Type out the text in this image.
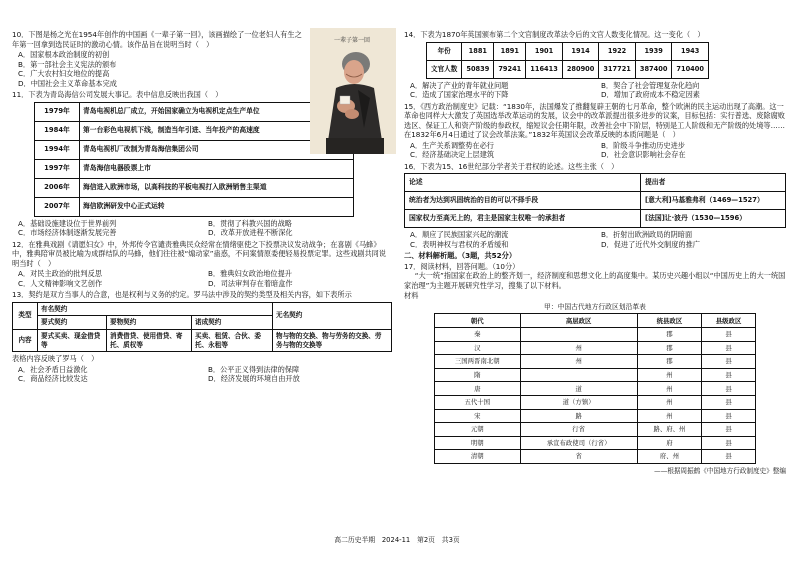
10．下图是杨之光在1954年创作的中国画《一辈子第一回》，该画描绘了一位老妇人有生之年第一回拿到选民证时的激动心情。该作品旨在说明当时（　）

A．国家根本政治制度的初创

B．第一部社会主义宪法的颁布

C．广大农村妇女地位的提高

D．中国社会主义革命基本完成

一辈子第一回

11．下表为青岛海信公司发展大事记。表中信息反映出我国（　）

1979年	青岛电视机总厂成立，开始国家确立为电视机定点生产单位
1984年	第一台彩色电视机下线，制造当年引进、当年投产的高速度
1994年	青岛电视机厂改制为青岛海信集团公司
1997年	青岛海信电器股票上市
2006年	海信进入欧洲市场，以高科技的平板电视打入欧洲销售主渠道
2007年	海信欧洲研发中心正式运转

A．基础设施建设位于世界前列	B．贯彻了科教兴国的战略

C．市场经济体制逐渐发展完善	D．改革开放进程不断深化

12．在雅典戏剧《请愿妇女》中，外邦传令官谴责雅典民众经常在情绪驱使之下投票决议发动战争；在喜剧《马蜂》中，雅典陪审员被比喻为成群结队的马蜂，他们往往被“煽动家”蛊惑，不问案情原委便轻易投票定罪。这些戏剧共同说明当时（　）

A．对民主政治的批判反思	B．雅典妇女政治地位提升

C．人文精神影响文艺创作	D．司法审判存在着暗盒作

13．契约是双方当事人的合意，也是权利与义务的约定。罗马法中涉及的契约类型及相关内容，如下表所示

类型	有名契约			无名契约
	要式契约	要物契约	诺成契约	
内容	要式买卖、现金借贷等	消费借贷、使用借贷、寄托、质权等	买卖、租赁、合伙、委托、永租等	物与物的交换、物与劳务的交换、劳务与物的交换等

表格内容反映了罗马（　）

A．社会矛盾日益激化	B．公平正义得到法律的保障

C．商品经济比较发达	D．经济发展的环境自由开放

14．下表为1870年英国颁布第二个文官制度改革法令后的文官人数变化情况。这一变化（　）

年份	1881	1891	1901	1914	1922	1939	1943
文官人数	50839	79241	116413	280900	317721	387400	710400

A．解决了产业的青年就业问题	B．契合了社会管理复杂化趋向

C．造成了国家治理水平的下降	D．增加了政府成本不稳定因素

15．《西方政治制度史》记载：“1830年，法国爆发了推翻复辟王朝的七月革命，整个欧洲的民主运动出现了高潮。这一革命也同样大大激发了英国选举改革运动的发展，议会中的改革派提出很多进步的议案，目标包括：实行普选、废除腐败选区、保证工人和资产阶级的参政权，缩短议会任期年限，改善社会中下阶层，特别是工人阶级和无产阶级的处境等……在1832年6月4日通过了议会改革法案。”1832年英国议会改革反映的本质问题是（　）

A．生产关系调整势在必行	B．阶级斗争推动历史进步

C．经济基础决定上层建筑	D．社会意识影响社会存在

16．下表为15、16世纪部分学者关于君权的论述。这些主张（　）

论述	提出者
统治者为达到巩固统治的目的可以不择手段	[意大利]马基雅弗利（1469—1527）
国家权力至高无上的，君主是国家主权唯一的承担者	[法国]让·波丹（1530—1596）

A．顺应了民族国家兴起的潮流	B．折射出欧洲政局的阴暗面

C．表明神权与君权的矛盾缓和	D．促进了近代外交制度的推广

二、材料解析题。（3题，共52分）

17．阅读材料，回答问题。（10分）

“大一统”指国家在政治上的整齐划一，经济制度和思想文化上的高度集中。某历史兴趣小组以“中国历史上的大一统国家治理”为主题开展研究性学习，搜集了以下材料。

材料

甲：中国古代地方行政区划沿革表

朝代	高层政区	统县政区	县级政区
秦		郡	县
汉	州	郡	县
三国两晋南北朝	州	郡	县
隋		州	县
唐	道	州	县
五代十国	道（方镇）	州	县
宋	路	州	县
元朝	行省	路、府、州	县
明朝	承宣布政使司（行省）	府	县
清朝	省	府、州	县

——根据周振鹤《中国地方行政制度史》整编

高二历史半期　2024-11　第2页　共3页
